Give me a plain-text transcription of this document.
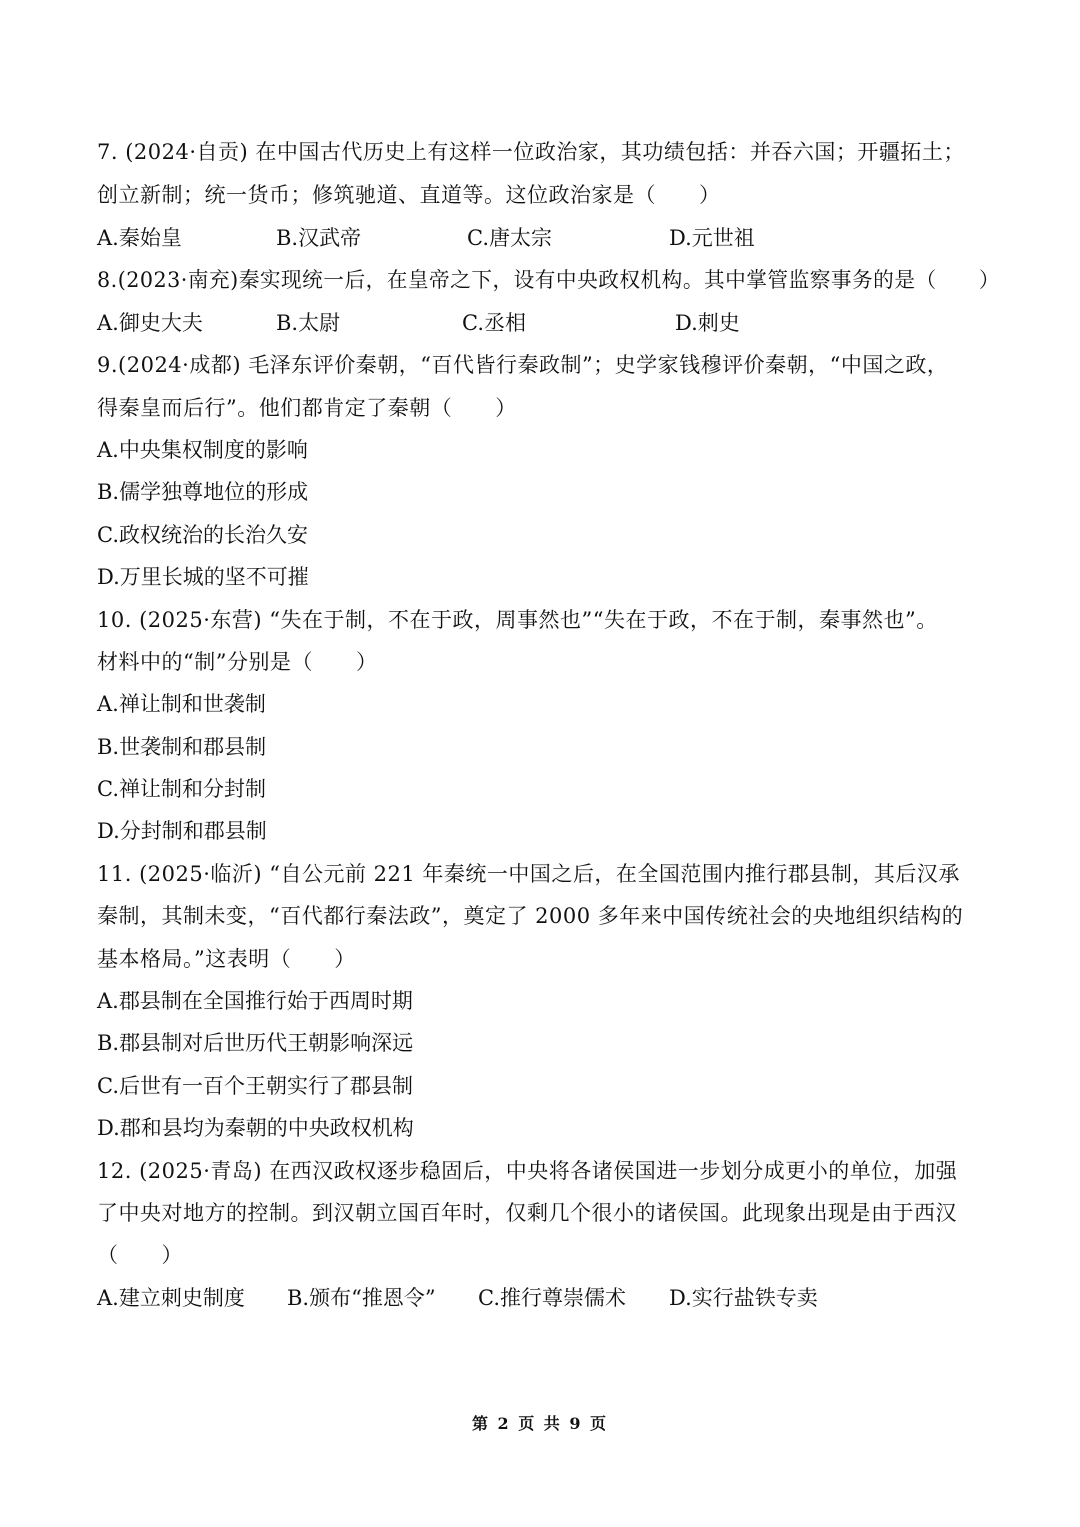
7. (2024·自贡) 在中国古代历史上有这样一位政治家，其功绩包括：并吞六国；开疆拓土；
创立新制；统一货币；修筑驰道、直道等。这位政治家是（　　）
A.秦始皇	B.汉武帝	C.唐太宗	D.元世祖
8.(2023·南充)秦实现统一后，在皇帝之下，设有中央政权机构。其中掌管监察事务的是（　　）
A.御史大夫	B.太尉	C.丞相	D.刺史
9.(2024·成都) 毛泽东评价秦朝，“百代皆行秦政制”；史学家钱穆评价秦朝，“中国之政，
得秦皇而后行”。他们都肯定了秦朝（　　）
A.中央集权制度的影响
B.儒学独尊地位的形成
C.政权统治的长治久安
D.万里长城的坚不可摧
10. (2025·东营) “失在于制，不在于政，周事然也”“失在于政，不在于制，秦事然也”。
材料中的“制”分别是（　　）
A.禅让制和世袭制
B.世袭制和郡县制
C.禅让制和分封制
D.分封制和郡县制
11. (2025·临沂) “自公元前 221 年秦统一中国之后，在全国范围内推行郡县制，其后汉承
秦制，其制未变，“百代都行秦法政”，奠定了 2000 多年来中国传统社会的央地组织结构的
基本格局。”这表明（　　）
A.郡县制在全国推行始于西周时期
B.郡县制对后世历代王朝影响深远
C.后世有一百个王朝实行了郡县制
D.郡和县均为秦朝的中央政权机构
12. (2025·青岛) 在西汉政权逐步稳固后，中央将各诸侯国进一步划分成更小的单位，加强
了中央对地方的控制。到汉朝立国百年时，仅剩几个很小的诸侯国。此现象出现是由于西汉
（　　）
A.建立刺史制度 B.颁布“推恩令” C.推行尊崇儒术 D.实行盐铁专卖
第 2 页 共 9 页
